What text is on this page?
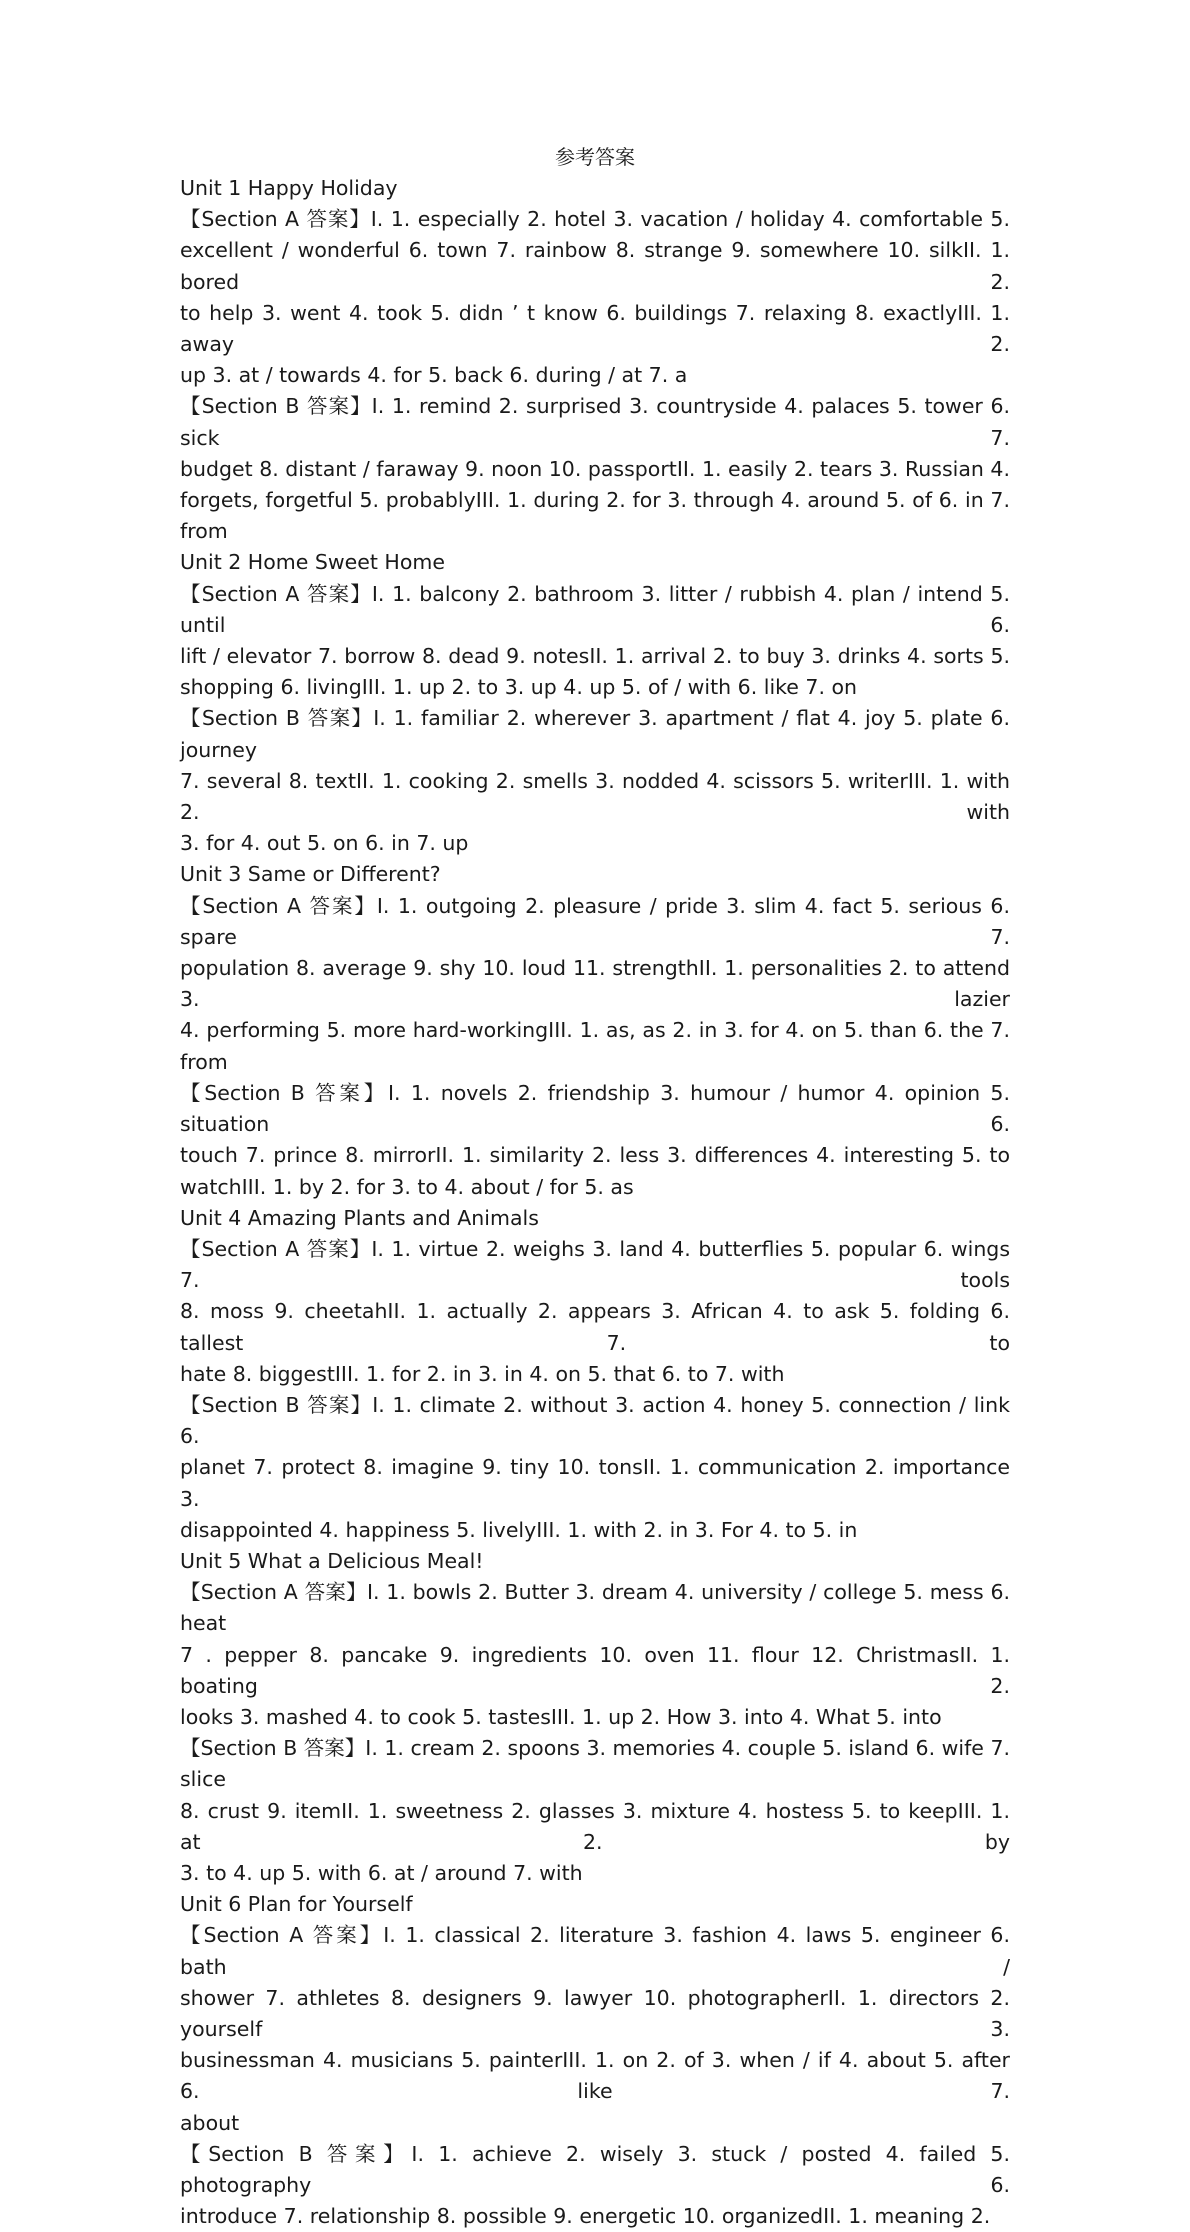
参考答案

Unit 1 Happy Holiday

【Section A 答案】I. 1. especially 2. hotel 3. vacation / holiday 4. comfortable 5.

excellent / wonderful 6. town 7. rainbow 8. strange 9. somewhere 10. silkII. 1. bored 2.

to help 3. went 4. took 5. didn ’ t know 6. buildings 7. relaxing 8. exactlyIII. 1. away 2.

up 3. at / towards 4. for 5. back 6. during / at 7. a

【Section B 答案】I. 1. remind 2. surprised 3. countryside 4. palaces 5. tower 6. sick 7.

budget 8. distant / faraway 9. noon 10. passportII. 1. easily 2. tears 3. Russian 4.

forgets, forgetful 5. probablyIII. 1. during 2. for 3. through 4. around 5. of 6. in 7. from

Unit 2 Home Sweet Home

【Section A 答案】I. 1. balcony 2. bathroom 3. litter / rubbish 4. plan / intend 5. until 6.

lift / elevator 7. borrow 8. dead 9. notesII. 1. arrival 2. to buy 3. drinks 4. sorts 5.

shopping 6. livingIII. 1. up 2. to 3. up 4. up 5. of / with 6. like 7. on

【Section B 答案】I. 1. familiar 2. wherever 3. apartment / flat 4. joy 5. plate 6. journey

7. several 8. textII. 1. cooking 2. smells 3. nodded 4. scissors 5. writerIII. 1. with 2. with

3. for 4. out 5. on 6. in 7. up

Unit 3 Same or Different?

【Section A 答案】I. 1. outgoing 2. pleasure / pride 3. slim 4. fact 5. serious 6. spare 7.

population 8. average 9. shy 10. loud 11. strengthII. 1. personalities 2. to attend 3. lazier

4. performing 5. more hard-workingIII. 1. as, as 2. in 3. for 4. on 5. than 6. the 7. from

【Section B 答案】I. 1. novels 2. friendship 3. humour / humor 4. opinion 5. situation 6.

touch 7. prince 8. mirrorII. 1. similarity 2. less 3. differences 4. interesting 5. to

watchIII. 1. by 2. for 3. to 4. about / for 5. as

Unit 4 Amazing Plants and Animals

【Section A 答案】I. 1. virtue 2. weighs 3. land 4. butterflies 5. popular 6. wings 7. tools

8. moss 9. cheetahII. 1. actually 2. appears 3. African 4. to ask 5. folding 6. tallest 7. to

hate 8. biggestIII. 1. for 2. in 3. in 4. on 5. that 6. to 7. with

【Section B 答案】I. 1. climate 2. without 3. action 4. honey 5. connection / link 6.

planet 7. protect 8. imagine 9. tiny 10. tonsII. 1. communication 2. importance 3.

disappointed 4. happiness 5. livelyIII. 1. with 2. in 3. For 4. to 5. in

Unit 5 What a Delicious Meal!

【Section A 答案】I. 1. bowls 2. Butter 3. dream 4. university / college 5. mess 6. heat

7 . pepper 8. pancake 9. ingredients 10. oven 11. flour 12. ChristmasII. 1. boating 2.

looks 3. mashed 4. to cook 5. tastesIII. 1. up 2. How 3. into 4. What 5. into

【Section B 答案】I. 1. cream 2. spoons 3. memories 4. couple 5. island 6. wife 7. slice

8. crust 9. itemII. 1. sweetness 2. glasses 3. mixture 4. hostess 5. to keepIII. 1. at 2. by

3. to 4. up 5. with 6. at / around 7. with

Unit 6 Plan for Yourself

【Section A 答案】I. 1. classical 2. literature 3. fashion 4. laws 5. engineer 6. bath /

shower 7. athletes 8. designers 9. lawyer 10. photographerII. 1. directors 2. yourself 3.

businessman 4. musicians 5. painterIII. 1. on 2. of 3. when / if 4. about 5. after 6. like 7.

about

【Section B 答案】I. 1. achieve 2. wisely 3. stuck / posted 4. failed 5. photography 6.

introduce 7. relationship 8. possible 9. energetic 10. organizedII. 1. meaning 2.
